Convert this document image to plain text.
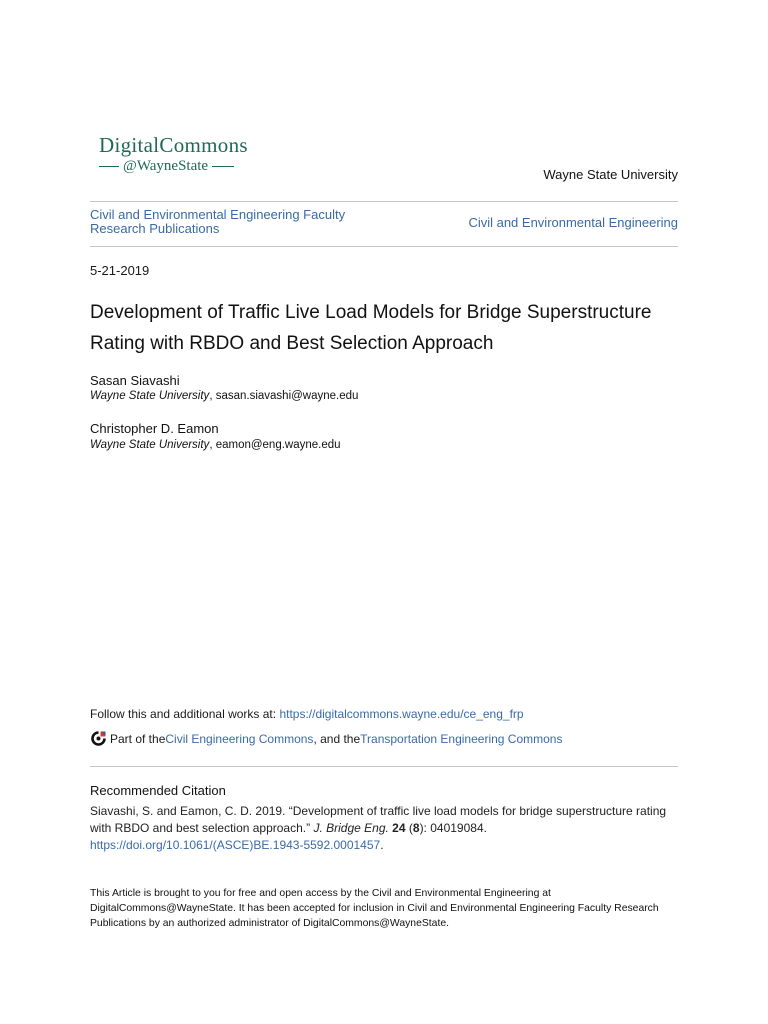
DigitalCommons
@WayneState
Wayne State University
Civil and Environmental Engineering Faculty Research Publications	Civil and Environmental Engineering
5-21-2019
Development of Traffic Live Load Models for Bridge Superstructure Rating with RBDO and Best Selection Approach
Sasan Siavashi
Wayne State University, sasan.siavashi@wayne.edu
Christopher D. Eamon
Wayne State University, eamon@eng.wayne.edu
Follow this and additional works at: https://digitalcommons.wayne.edu/ce_eng_frp
Part of the Civil Engineering Commons , and the Transportation Engineering Commons
Recommended Citation
Siavashi, S. and Eamon, C. D. 2019. “Development of traffic live load models for bridge superstructure rating with RBDO and best selection approach.” J. Bridge Eng. 24 (8): 04019084. https://doi.org/10.1061/(ASCE)BE.1943-5592.0001457.
This Article is brought to you for free and open access by the Civil and Environmental Engineering at DigitalCommons@WayneState. It has been accepted for inclusion in Civil and Environmental Engineering Faculty Research Publications by an authorized administrator of DigitalCommons@WayneState.
